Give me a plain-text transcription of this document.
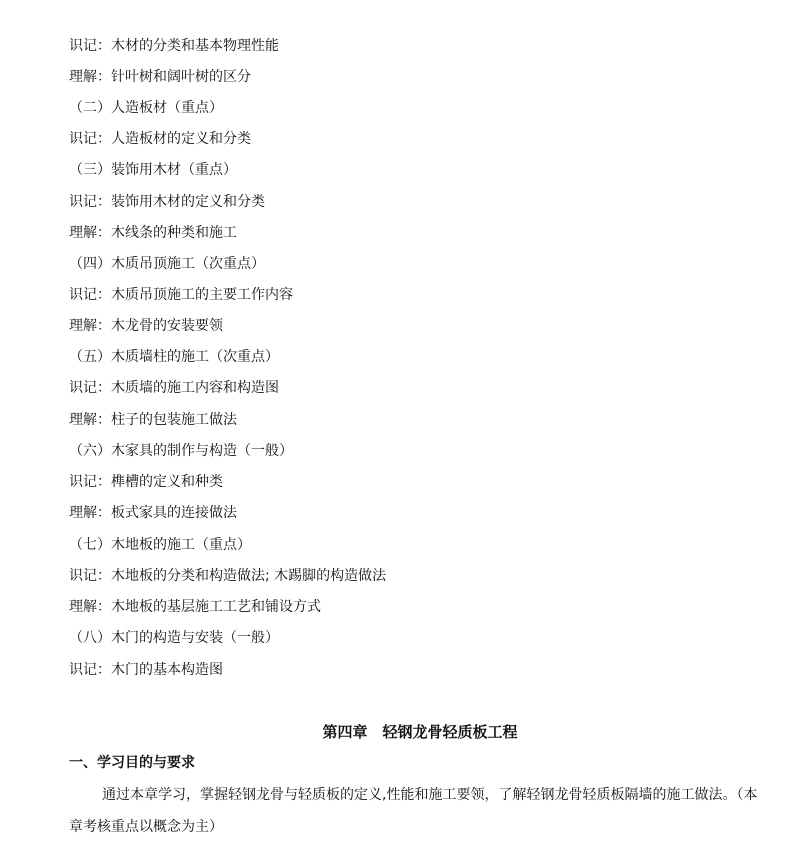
识记：木材的分类和基本物理性能
理解：针叶树和阔叶树的区分
（二）人造板材（重点）
识记：人造板材的定义和分类
（三）装饰用木材（重点）
识记：装饰用木材的定义和分类
理解：木线条的种类和施工
（四）木质吊顶施工（次重点）
识记：木质吊顶施工的主要工作内容
理解：木龙骨的安装要领
（五）木质墙柱的施工（次重点）
识记：木质墙的施工内容和构造图
理解：柱子的包装施工做法
（六）木家具的制作与构造（一般）
识记：榫槽的定义和种类
理解：板式家具的连接做法
（七）木地板的施工（重点）
识记：木地板的分类和构造做法; 木踢脚的构造做法
理解：木地板的基层施工工艺和铺设方式
（八）木门的构造与安装（一般）
识记：木门的基本构造图
第四章　轻钢龙骨轻质板工程
一、学习目的与要求
通过本章学习，掌握轻钢龙骨与轻质板的定义,性能和施工要领，了解轻钢龙骨轻质板隔墙的施工做法。（本
章考核重点以概念为主）
